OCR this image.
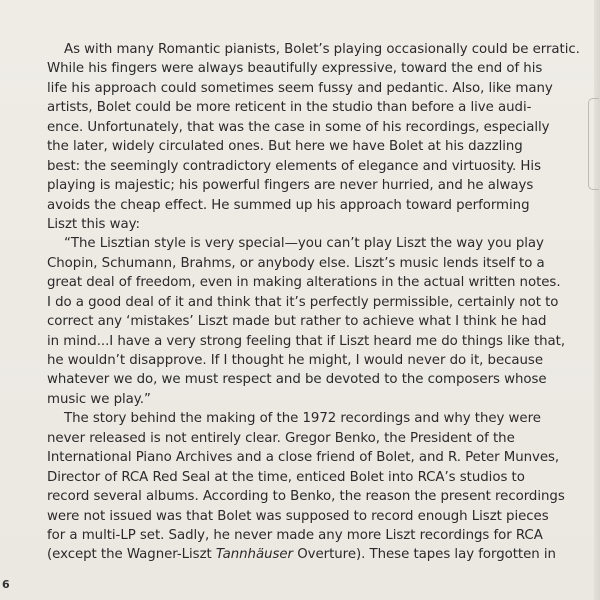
As with many Romantic pianists, Bolet’s playing occasionally could be erratic.
While his fingers were always beautifully expressive, toward the end of his
life his approach could sometimes seem fussy and pedantic. Also, like many
artists, Bolet could be more reticent in the studio than before a live audi-
ence. Unfortunately, that was the case in some of his recordings, especially
the later, widely circulated ones. But here we have Bolet at his dazzling
best: the seemingly contradictory elements of elegance and virtuosity. His
playing is majestic; his powerful fingers are never hurried, and he always
avoids the cheap effect. He summed up his approach toward performing
Liszt this way:
“The Lisztian style is very special—you can’t play Liszt the way you play
Chopin, Schumann, Brahms, or anybody else. Liszt’s music lends itself to a
great deal of freedom, even in making alterations in the actual written notes.
I do a good deal of it and think that it’s perfectly permissible, certainly not to
correct any ‘mistakes’ Liszt made but rather to achieve what I think he had
in mind...I have a very strong feeling that if Liszt heard me do things like that,
he wouldn’t disapprove. If I thought he might, I would never do it, because
whatever we do, we must respect and be devoted to the composers whose
music we play.”
The story behind the making of the 1972 recordings and why they were
never released is not entirely clear. Gregor Benko, the President of the
International Piano Archives and a close friend of Bolet, and R. Peter Munves,
Director of RCA Red Seal at the time, enticed Bolet into RCA’s studios to
record several albums. According to Benko, the reason the present recordings
were not issued was that Bolet was supposed to record enough Liszt pieces
for a multi-LP set. Sadly, he never made any more Liszt recordings for RCA
(except the Wagner-Liszt Tannhäuser Overture). These tapes lay forgotten in
6
